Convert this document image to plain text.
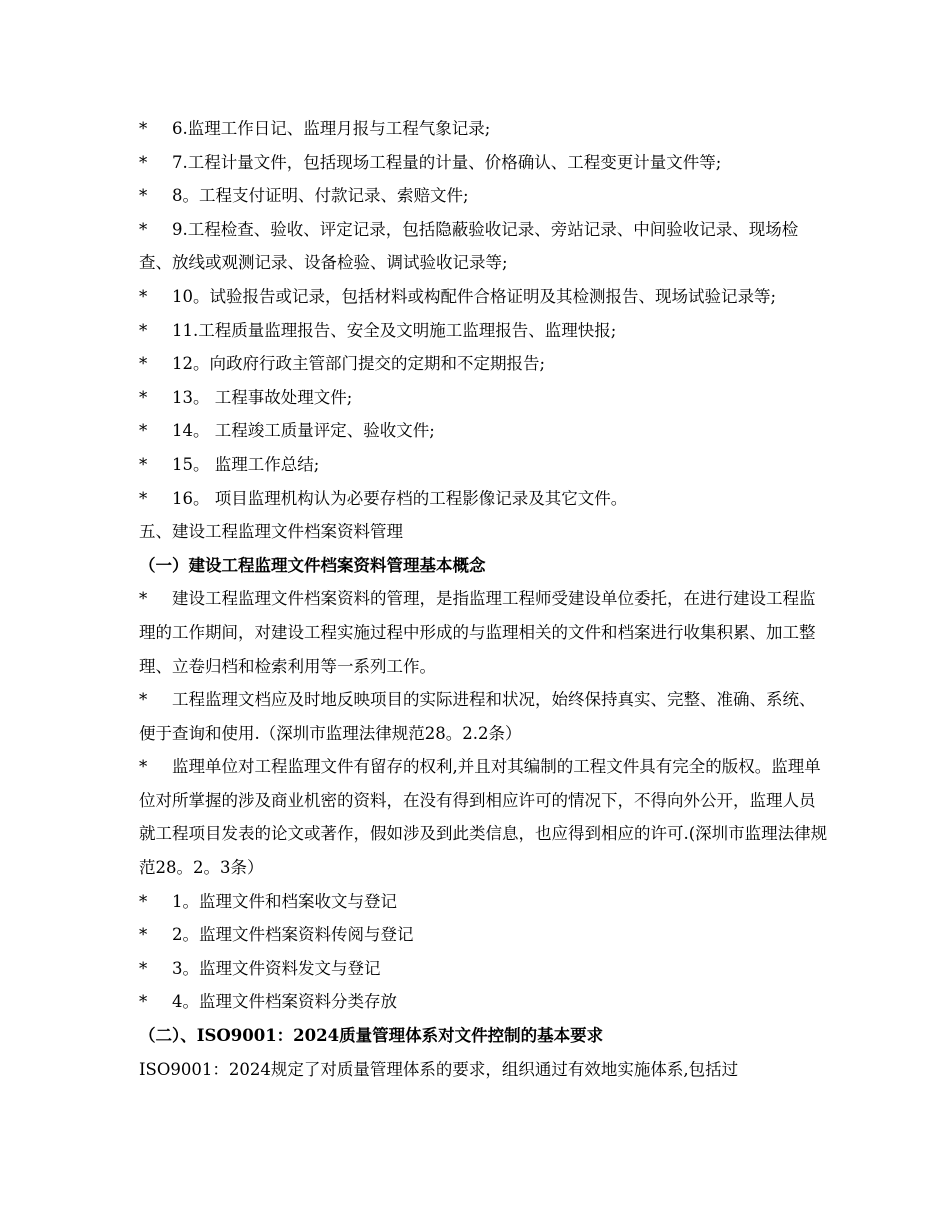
*	6.监理工作日记、监理月报与工程气象记录;
*	7.工程计量文件，包括现场工程量的计量、价格确认、工程变更计量文件等;
*	8。工程支付证明、付款记录、索赔文件;
*	9.工程检查、验收、评定记录，包括隐蔽验收记录、旁站记录、中间验收记录、现场检查、放线或观测记录、设备检验、调试验收记录等;
*	10。试验报告或记录，包括材料或构配件合格证明及其检测报告、现场试验记录等;
*	11.工程质量监理报告、安全及文明施工监理报告、监理快报;
*	12。向政府行政主管部门提交的定期和不定期报告;
*	13。 工程事故处理文件;
*	14。 工程竣工质量评定、验收文件;
*	15。 监理工作总结;
*	16。 项目监理机构认为必要存档的工程影像记录及其它文件。
五、建设工程监理文件档案资料管理
（一）建设工程监理文件档案资料管理基本概念
*	建设工程监理文件档案资料的管理，是指监理工程师受建设单位委托，在进行建设工程监理的工作期间，对建设工程实施过程中形成的与监理相关的文件和档案进行收集积累、加工整理、立卷归档和检索利用等一系列工作。
*	工程监理文档应及时地反映项目的实际进程和状况，始终保持真实、完整、准确、系统、便于查询和使用.（深圳市监理法律规范28。2.2条）
*	监理单位对工程监理文件有留存的权利,并且对其编制的工程文件具有完全的版权。监理单位对所掌握的涉及商业机密的资料，在没有得到相应许可的情况下，不得向外公开，监理人员就工程项目发表的论文或著作，假如涉及到此类信息，也应得到相应的许可.(深圳市监理法律规范28。2。3条）
*	1。监理文件和档案收文与登记
*	2。监理文件档案资料传阅与登记
*	3。监理文件资料发文与登记
*	4。监理文件档案资料分类存放
（二）、ISO9001：2024质量管理体系对文件控制的基本要求
ISO9001：2024规定了对质量管理体系的要求，组织通过有效地实施体系,包括过
